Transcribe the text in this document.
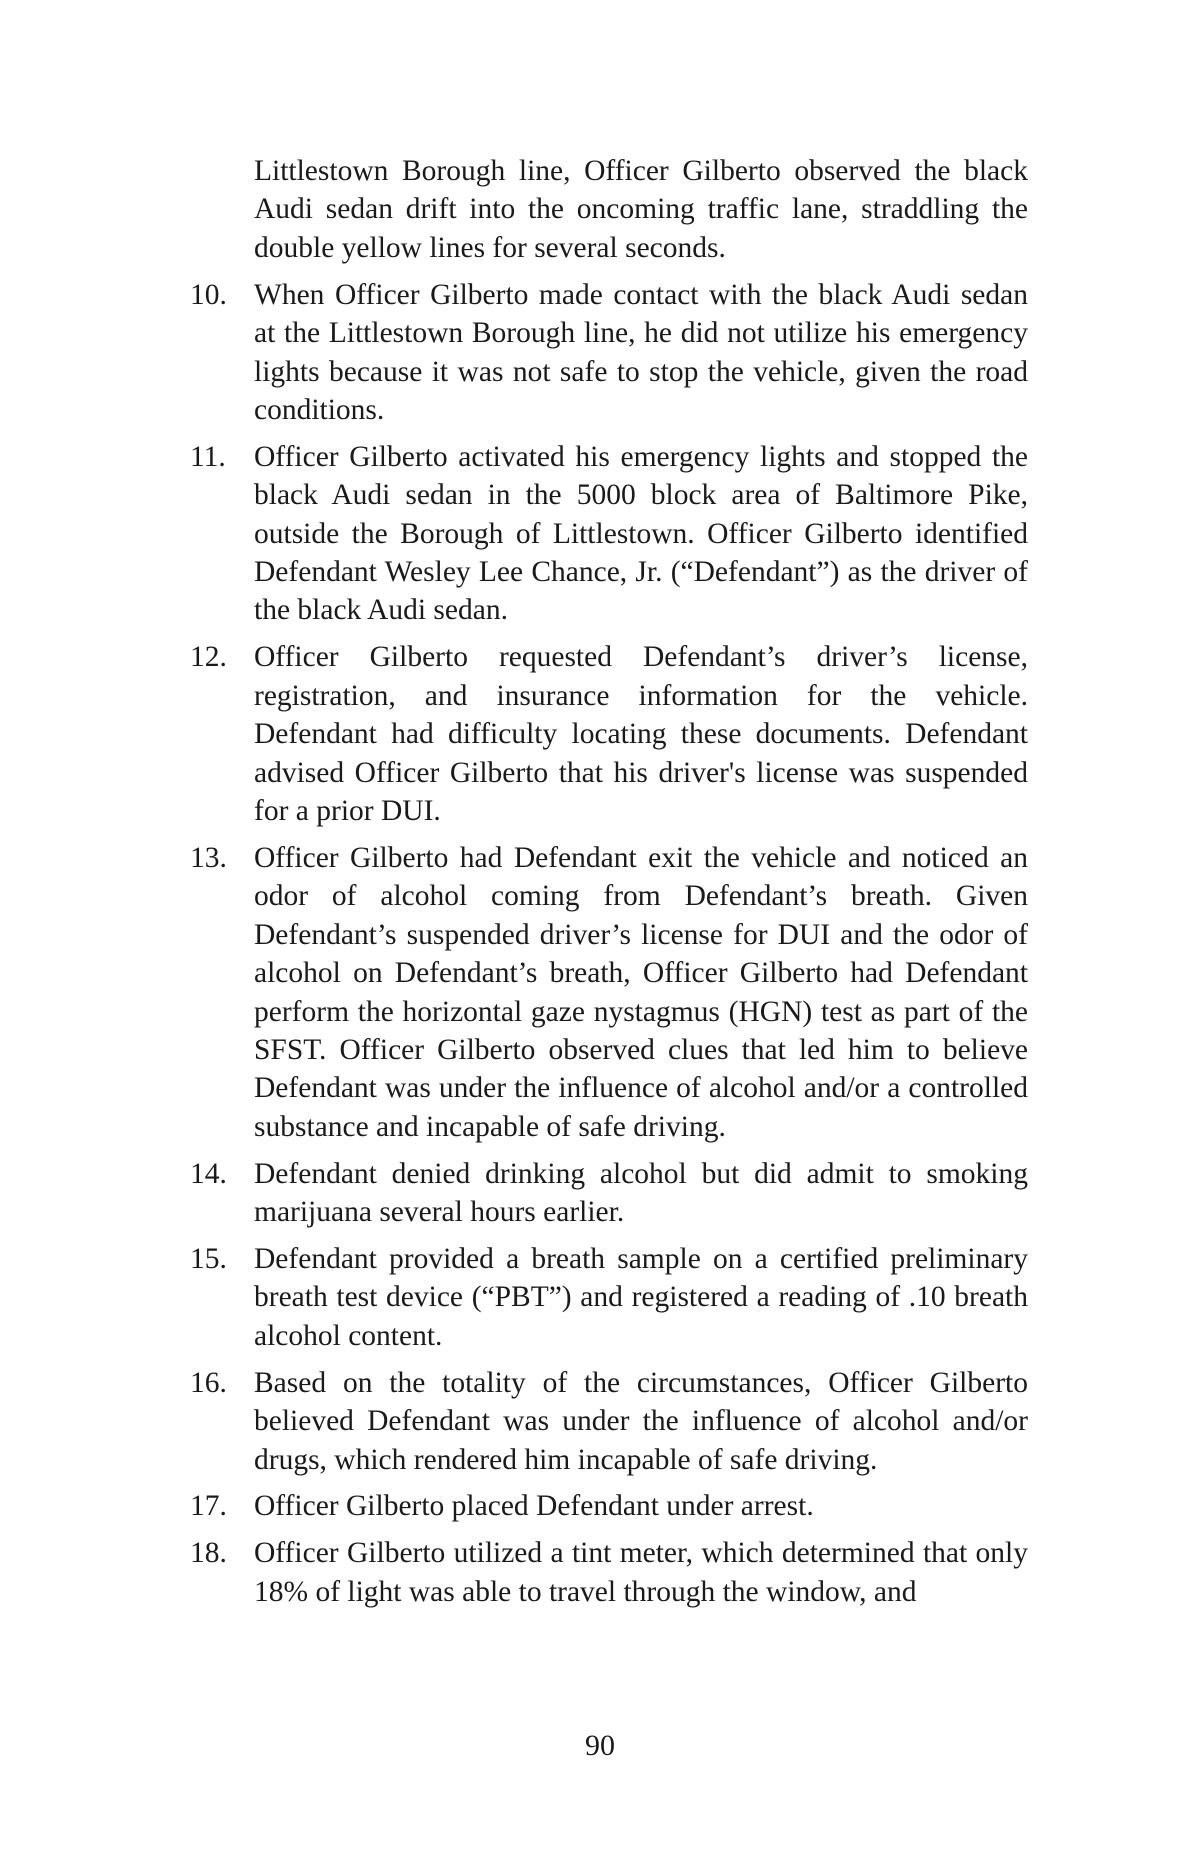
Littlestown Borough line, Officer Gilberto observed the black Audi sedan drift into the oncoming traffic lane, straddling the double yellow lines for several seconds.

10. When Officer Gilberto made contact with the black Audi sedan at the Littlestown Borough line, he did not utilize his emergency lights because it was not safe to stop the vehicle, given the road conditions.

11. Officer Gilberto activated his emergency lights and stopped the black Audi sedan in the 5000 block area of Baltimore Pike, outside the Borough of Littlestown. Officer Gilberto identified Defendant Wesley Lee Chance, Jr. (“Defendant”) as the driver of the black Audi sedan.

12. Officer Gilberto requested Defendant’s driver’s license, registration, and insurance information for the vehicle. Defendant had difficulty locating these documents. Defendant advised Officer Gilberto that his driver's license was suspended for a prior DUI.

13. Officer Gilberto had Defendant exit the vehicle and noticed an odor of alcohol coming from Defendant’s breath. Given Defendant’s suspended driver’s license for DUI and the odor of alcohol on Defendant’s breath, Officer Gilberto had Defendant perform the horizontal gaze nystagmus (HGN) test as part of the SFST. Officer Gilberto observed clues that led him to believe Defendant was under the influence of alcohol and/or a controlled substance and incapable of safe driving.

14. Defendant denied drinking alcohol but did admit to smoking marijuana several hours earlier.

15. Defendant provided a breath sample on a certified preliminary breath test device (“PBT”) and registered a reading of .10 breath alcohol content.

16. Based on the totality of the circumstances, Officer Gilberto believed Defendant was under the influence of alcohol and/or drugs, which rendered him incapable of safe driving.

17. Officer Gilberto placed Defendant under arrest.

18. Officer Gilberto utilized a tint meter, which determined that only 18% of light was able to travel through the window, and

90
